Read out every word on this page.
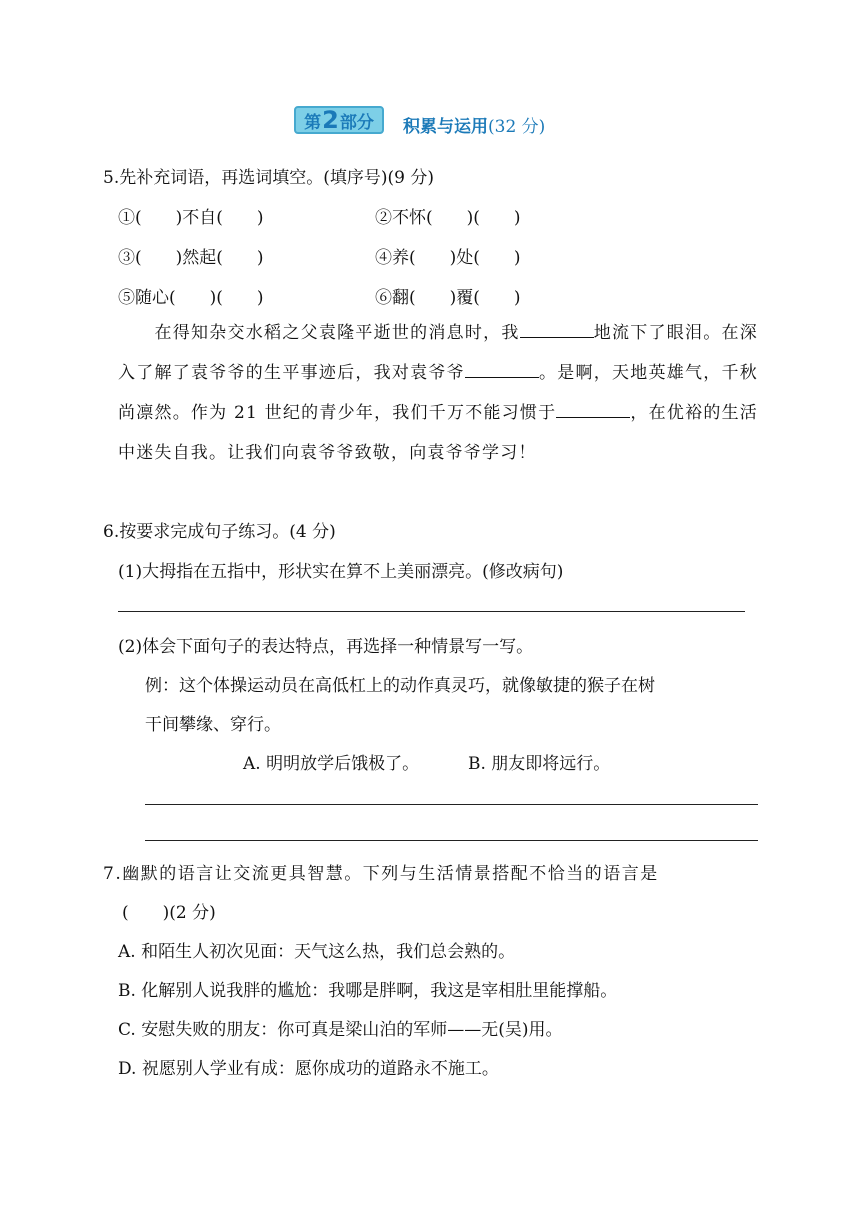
第 2 部分 积累与运用(32 分)
5.先补充词语，再选词填空。(填序号)(9 分)
①(　　)不自(　　)	②不怀(　　)(　　)
③(　　)然起(　　)	④养(　　)处(　　)
⑤随心(　　)(　　)	⑥翻(　　)覆(　　)
　　在得知杂交水稻之父袁隆平逝世的消息时，我	地流下了眼泪。在深入了解了袁爷爷的生平事迹后，我对袁爷爷	。是啊，天地英雄气，千秋尚凛然。作为 21 世纪的青少年，我们千万不能习惯于	，在优裕的生活中迷失自我。让我们向袁爷爷致敬，向袁爷爷学习！
6.按要求完成句子练习。(4 分)
(1)大拇指在五指中，形状实在算不上美丽漂亮。(修改病句)
(2)体会下面句子的表达特点，再选择一种情景写一写。
例：这个体操运动员在高低杠上的动作真灵巧，就像敏捷的猴子在树
干间攀缘、穿行。
A. 明明放学后饿极了。	B. 朋友即将远行。
7.幽默的语言让交流更具智慧。下列与生活情景搭配不恰当的语言是
(　　)(2 分)
A. 和陌生人初次见面：天气这么热，我们总会熟的。
B. 化解别人说我胖的尴尬：我哪是胖啊，我这是宰相肚里能撑船。
C. 安慰失败的朋友：你可真是梁山泊的军师——无(吴)用。
D. 祝愿别人学业有成：愿你成功的道路永不施工。
